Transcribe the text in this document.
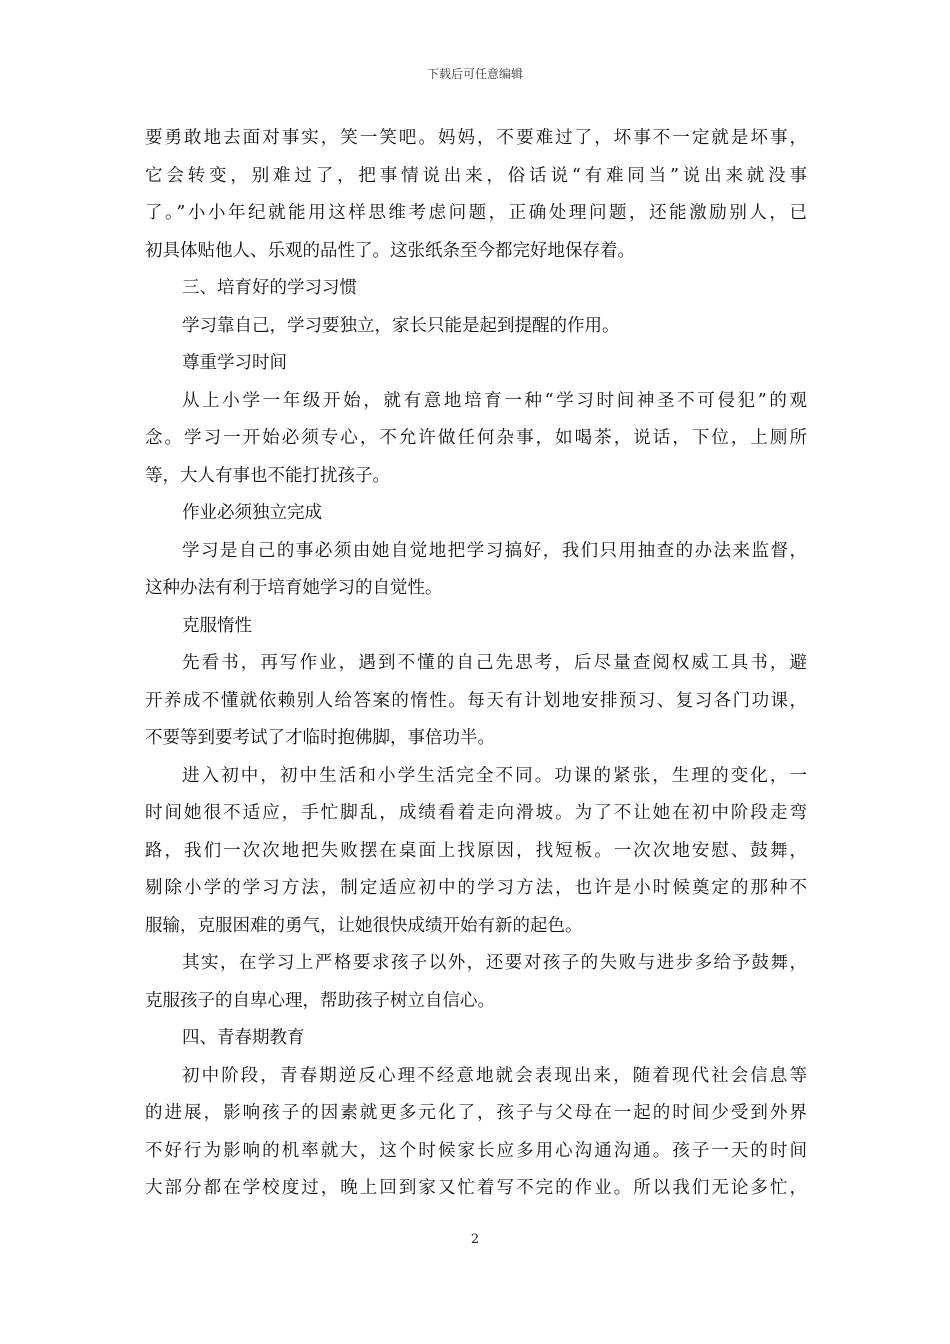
下载后可任意编辑
要勇敢地去面对事实，笑一笑吧。妈妈，不要难过了，坏事不一定就是坏事，
它会转变，别难过了，把事情说出来，俗话说“有难同当”说出来就没事
了。”小小年纪就能用这样思维考虑问题，正确处理问题，还能激励别人，已
初具体贴他人、乐观的品性了。这张纸条至今都完好地保存着。
三、培育好的学习习惯
学习靠自己，学习要独立，家长只能是起到提醒的作用。
尊重学习时间
从上小学一年级开始，就有意地培育一种“学习时间神圣不可侵犯”的观
念。学习一开始必须专心，不允许做任何杂事，如喝茶，说话，下位，上厕所
等，大人有事也不能打扰孩子。
作业必须独立完成
学习是自己的事必须由她自觉地把学习搞好，我们只用抽查的办法来监督，
这种办法有利于培育她学习的自觉性。
克服惰性
先看书，再写作业，遇到不懂的自己先思考，后尽量查阅权威工具书，避
开养成不懂就依赖别人给答案的惰性。每天有计划地安排预习、复习各门功课，
不要等到要考试了才临时抱佛脚，事倍功半。
进入初中，初中生活和小学生活完全不同。功课的紧张，生理的变化，一
时间她很不适应，手忙脚乱，成绩看着走向滑坡。为了不让她在初中阶段走弯
路，我们一次次地把失败摆在桌面上找原因，找短板。一次次地安慰、鼓舞，
剔除小学的学习方法，制定适应初中的学习方法，也许是小时候奠定的那种不
服输，克服困难的勇气，让她很快成绩开始有新的起色。
其实，在学习上严格要求孩子以外，还要对孩子的失败与进步多给予鼓舞，
克服孩子的自卑心理，帮助孩子树立自信心。
四、青春期教育
初中阶段，青春期逆反心理不经意地就会表现出来，随着现代社会信息等
的进展，影响孩子的因素就更多元化了，孩子与父母在一起的时间少受到外界
不好行为影响的机率就大，这个时候家长应多用心沟通沟通。孩子一天的时间
大部分都在学校度过，晚上回到家又忙着写不完的作业。所以我们无论多忙，
2
